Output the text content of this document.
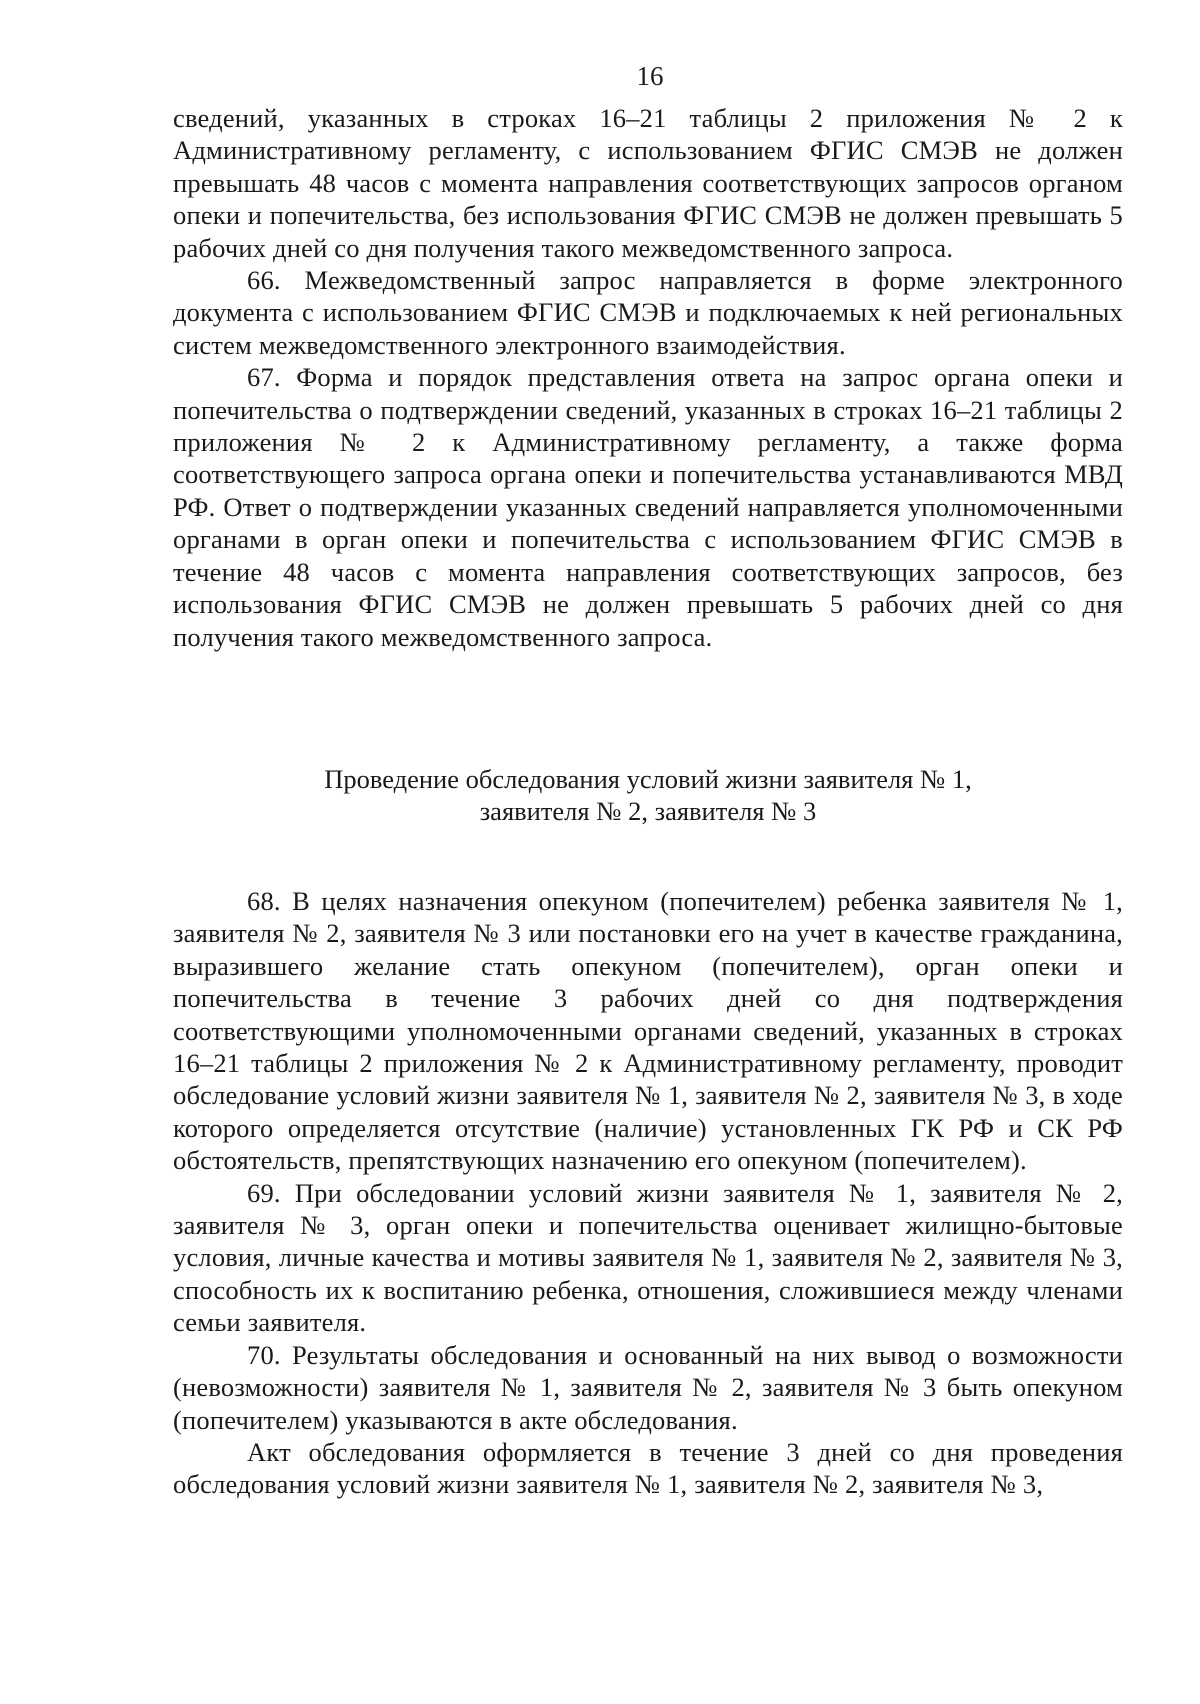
16

сведений, указанных в строках 16–21 таблицы 2 приложения № 2 к Административному регламенту, с использованием ФГИС СМЭВ не должен превышать 48 часов с момента направления соответствующих запросов органом опеки и попечительства, без использования ФГИС СМЭВ не должен превышать 5 рабочих дней со дня получения такого межведомственного запроса.

66. Межведомственный запрос направляется в форме электронного документа с использованием ФГИС СМЭВ и подключаемых к ней региональных систем межведомственного электронного взаимодействия.

67. Форма и порядок представления ответа на запрос органа опеки и попечительства о подтверждении сведений, указанных в строках 16–21 таблицы 2 приложения № 2 к Административному регламенту, а также форма соответствующего запроса органа опеки и попечительства устанавливаются МВД РФ. Ответ о подтверждении указанных сведений направляется уполномоченными органами в орган опеки и попечительства с использованием ФГИС СМЭВ в течение 48 часов с момента направления соответствующих запросов, без использования ФГИС СМЭВ не должен превышать 5 рабочих дней со дня получения такого межведомственного запроса.

Проведение обследования условий жизни заявителя № 1,
заявителя № 2, заявителя № 3

68. В целях назначения опекуном (попечителем) ребенка заявителя № 1, заявителя № 2, заявителя № 3 или постановки его на учет в качестве гражданина, выразившего желание стать опекуном (попечителем), орган опеки и попечительства в течение 3 рабочих дней со дня подтверждения соответствующими уполномоченными органами сведений, указанных в строках 16–21 таблицы 2 приложения № 2 к Административному регламенту, проводит обследование условий жизни заявителя № 1, заявителя № 2, заявителя № 3, в ходе которого определяется отсутствие (наличие) установленных ГК РФ и СК РФ обстоятельств, препятствующих назначению его опекуном (попечителем).

69. При обследовании условий жизни заявителя № 1, заявителя № 2, заявителя № 3, орган опеки и попечительства оценивает жилищно-бытовые условия, личные качества и мотивы заявителя № 1, заявителя № 2, заявителя № 3, способность их к воспитанию ребенка, отношения, сложившиеся между членами семьи заявителя.

70. Результаты обследования и основанный на них вывод о возможности (невозможности) заявителя № 1, заявителя № 2, заявителя № 3 быть опекуном (попечителем) указываются в акте обследования.

Акт обследования оформляется в течение 3 дней со дня проведения обследования условий жизни заявителя № 1, заявителя № 2, заявителя № 3,
